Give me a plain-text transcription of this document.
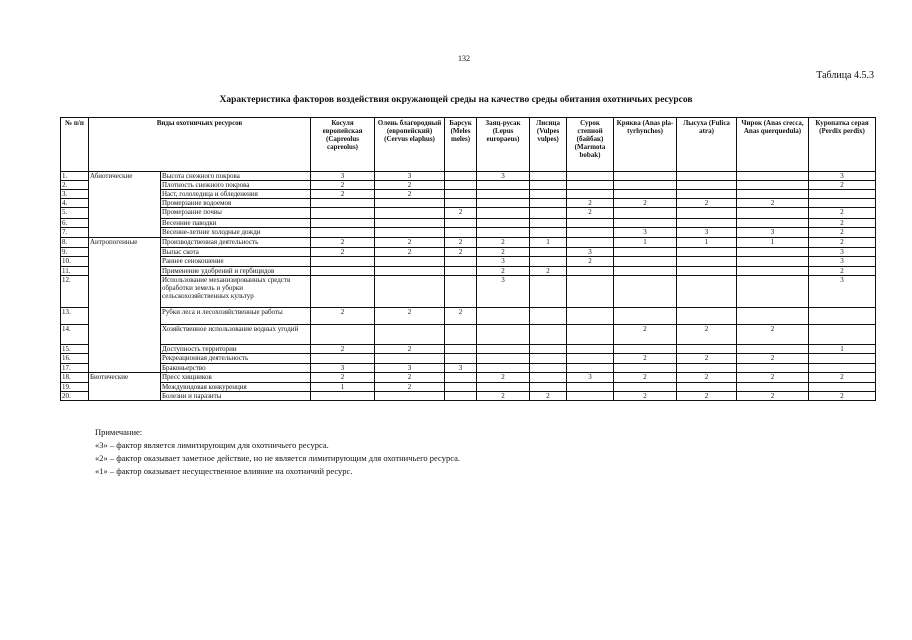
132
Таблица 4.5.3
Характеристика факторов воздействия окружающей среды на качество среды обитания охотничьих ресурсов
№ п/п	Виды охотничьих ресурсов		Косуля европейская (Capreolus capreolus)	Олень благородный (европейский) (Cervus elaphus)	Барсук (Meles meles)	Заяц-русак (Lepus europaeus)	Лисица (Vulpes vulpes)	Сурок степной (байбак) (Marmota bobak)	Кряква (Anas pla-tyrhynchos)	Лысуха (Fulica atra)	Чирок (Anas crecca, Anas querquedula)	Куропатка серая (Perdix perdix)
1.	Абиотические	Высота снежного покрова	3	3		3						3
2.		Плотность снежного покрова	2	2								2
3.		Наст, гололедица и обледенения	2	2								
4.		Промерзание водоемов						2	2	2	2	
5.		Промерзание почвы			2			2				2
6.		Весенние паводки										2
7.		Весенне-летние холодные дожди							3	3	3	2
8.	Антропогенные	Производственная деятельность	2	2	2	2	1		1	1	1	2
9.		Выпас скота	2	2	2	2		3				3
10.		Раннее сенокошение				3		2				3
11.		Применение удобрений и гербицидов				2	2					2
12.		Использование механизированных средств обработки земель и уборки сельскохозяйственных культур				3						3
13.		Рубки леса и лесохозяйственные работы	2	2	2							
14.		Хозяйственное использование водных угодий							2	2	2	
15.		Доступность территории	2	2								1
16.		Рекреационная деятельность							2	2	2	
17.		Браконьерство	3	3	3							
18.	Биотические	Пресс хищников	2	2		2		3	2	2	2	2
19.		Междувидовая конкуренция	1	2								
20.		Болезни и паразиты				2	2		2	2	2	2
Примечание:
«3» – фактор является лимитирующим для охотничьего ресурса.
«2» – фактор оказывает заметное действие, но не является лимитирующим для охотничьего ресурса.
«1» – фактор оказывает несущественное влияние на охотничий ресурс.
